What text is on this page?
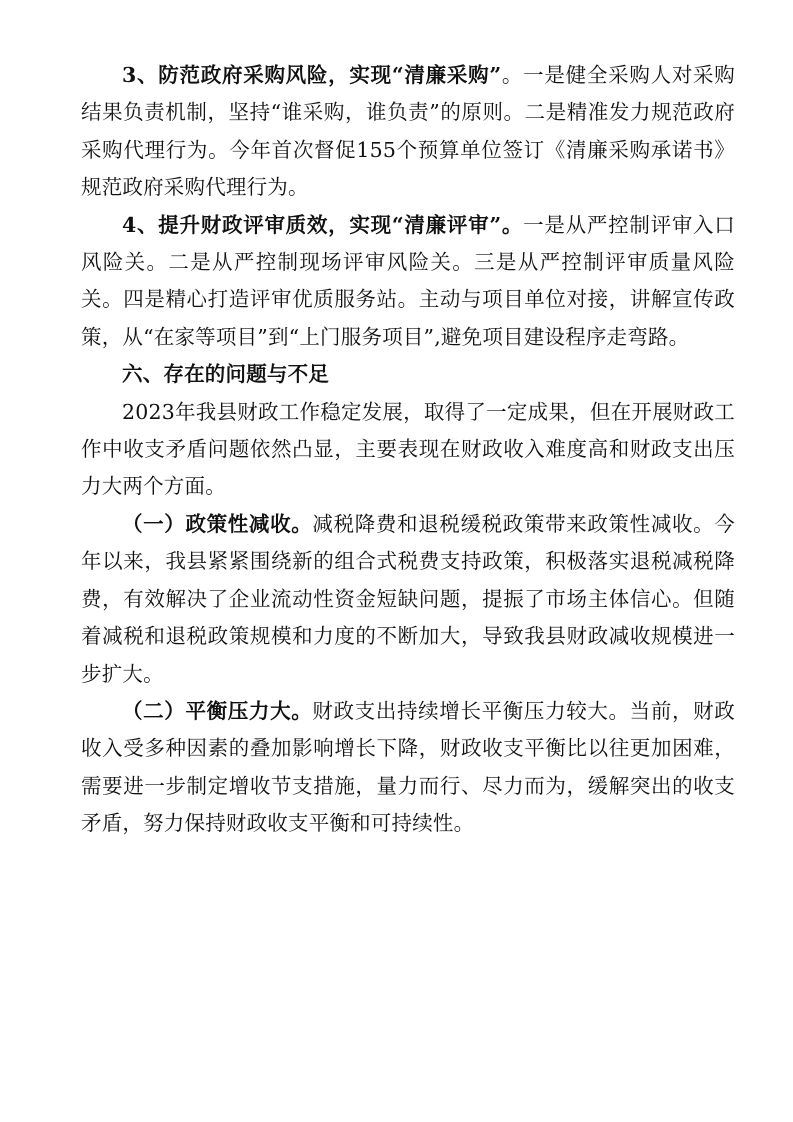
3、防范政府采购风险，实现“清廉采购”。一是健全采购人对采购结果负责机制，坚持“谁采购，谁负责”的原则。二是精准发力规范政府采购代理行为。今年首次督促155个预算单位签订《清廉采购承诺书》规范政府采购代理行为。

4、提升财政评审质效，实现“清廉评审”。一是从严控制评审入口风险关。二是从严控制现场评审风险关。三是从严控制评审质量风险关。四是精心打造评审优质服务站。主动与项目单位对接，讲解宣传政策，从“在家等项目”到“上门服务项目”,避免项目建设程序走弯路。

六、存在的问题与不足

2023年我县财政工作稳定发展，取得了一定成果，但在开展财政工作中收支矛盾问题依然凸显，主要表现在财政收入难度高和财政支出压力大两个方面。

（一）政策性减收。减税降费和退税缓税政策带来政策性减收。今年以来，我县紧紧围绕新的组合式税费支持政策，积极落实退税减税降费，有效解决了企业流动性资金短缺问题，提振了市场主体信心。但随着减税和退税政策规模和力度的不断加大，导致我县财政减收规模进一步扩大。

（二）平衡压力大。财政支出持续增长平衡压力较大。当前，财政收入受多种因素的叠加影响增长下降，财政收支平衡比以往更加困难，需要进一步制定增收节支措施，量力而行、尽力而为，缓解突出的收支矛盾，努力保持财政收支平衡和可持续性。
